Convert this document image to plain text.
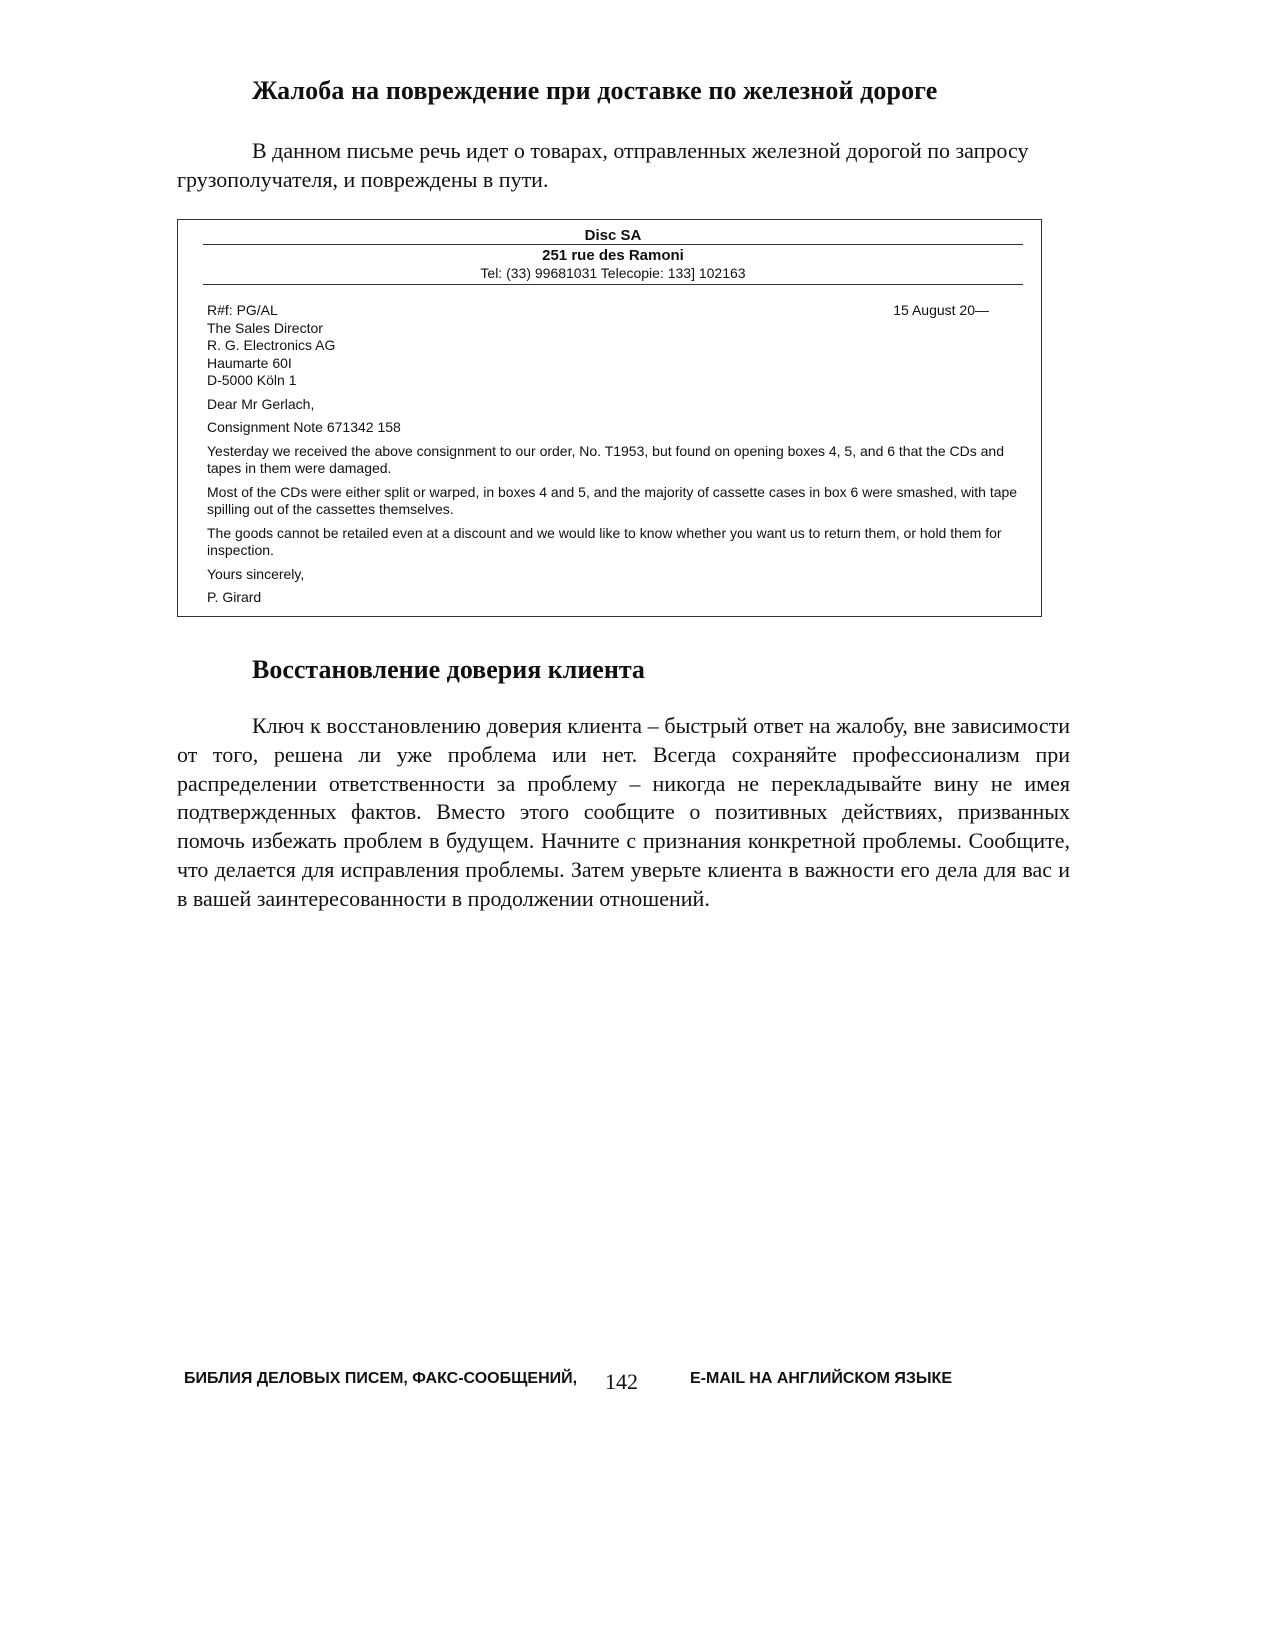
Жалоба на повреждение при доставке по железной дороге
В данном письме речь идет о товарах, отправленных железной дорогой по запросу грузополучателя, и повреждены в пути.
Disc SA
251 rue des Ramoni
Tel: (33) 99681031 Telecopie: 133] 102163
15 August 20—

R#f: PG/AL

The Sales Director

R. G. Electronics AG

Haumarte 60I

D-5000 Köln 1

Dear Mr Gerlach,

Consignment Note 671342 158

Yesterday we received the above consignment to our order, No. T1953, but found on opening boxes 4, 5, and 6 that the CDs and tapes in them were damaged.

Most of the CDs were either split or warped, in boxes 4 and 5, and the majority of cassette cases in box 6 were smashed, with tape spilling out of the cassettes themselves.

The goods cannot be retailed even at a discount and we would like to know whether you want us to return them, or hold them for inspection.

Yours sincerely,

P. Girard

Восстановление доверия клиента
Ключ к восстановлению доверия клиента – быстрый ответ на жалобу, вне зависимости от того, решена ли уже проблема или нет. Всегда сохраняйте профессионализм при распределении ответственности за проблему – никогда не перекладывайте вину не имея подтвержденных фактов. Вместо этого сообщите о позитивных действиях, призванных помочь избежать проблем в будущем. Начните с признания конкретной проблемы. Сообщите, что делается для исправления проблемы. Затем уверьте клиента в важности его дела для вас и в вашей заинтересованности в продолжении отношений.
БИБЛИЯ ДЕЛОВЫХ ПИСЕМ, ФАКС-СООБЩЕНИЙ, 142	E-MAIL НА АНГЛИЙСКОМ ЯЗЫКЕ
